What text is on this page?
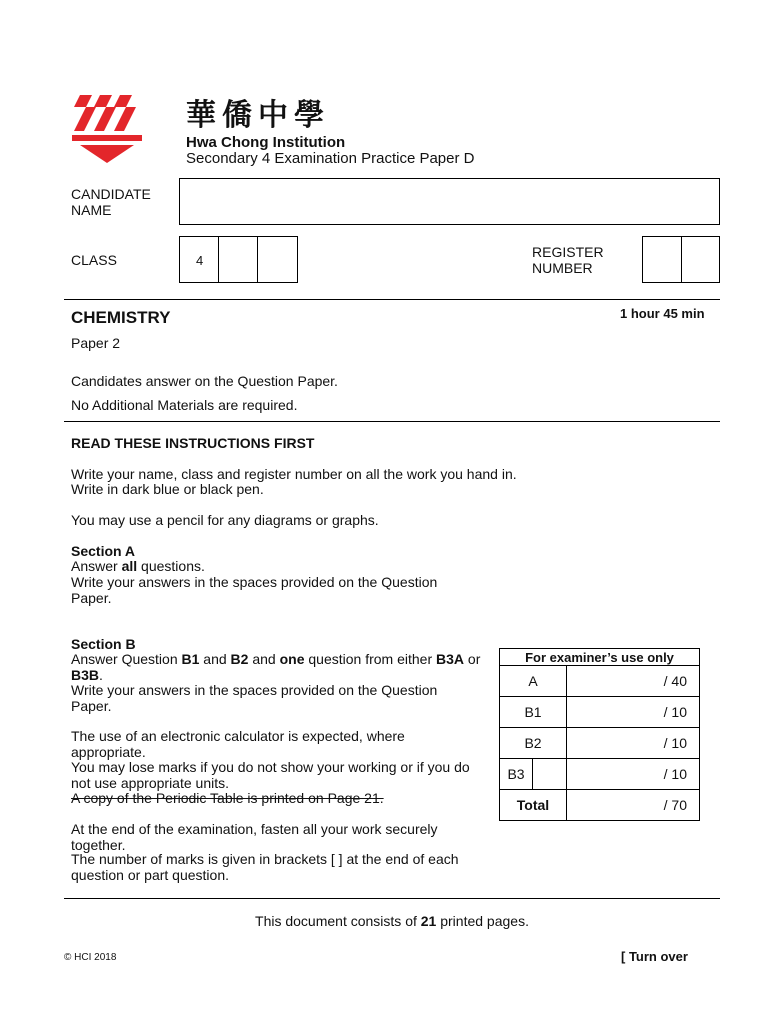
華僑中學
Hwa Chong Institution
Secondary 4 Examination Practice Paper D
CANDIDATE NAME
CLASS	4
REGISTER NUMBER
CHEMISTRY	1 hour 45 min
Paper 2
Candidates answer on the Question Paper.
No Additional Materials are required.
READ THESE INSTRUCTIONS FIRST
Write your name, class and register number on all the work you hand in.
Write in dark blue or black pen.
You may use a pencil for any diagrams or graphs.
Section A
Answer all questions.
Write your answers in the spaces provided on the Question Paper.
Section B
Answer Question B1 and B2 and one question from either B3A or B3B.
Write your answers in the spaces provided on the Question Paper.
The use of an electronic calculator is expected, where appropriate.
You may lose marks if you do not show your working or if you do not use appropriate units.
A copy of the Periodic Table is printed on Page 21.
At the end of the examination, fasten all your work securely together.
The number of marks is given in brackets [ ] at the end of each question or part question.
For examiner’s use only		
A		/ 40
B1		/ 10
B2		/ 10
B3		/ 10
Total		/ 70
This document consists of 21 printed pages.
© HCI 2018	[ Turn over
